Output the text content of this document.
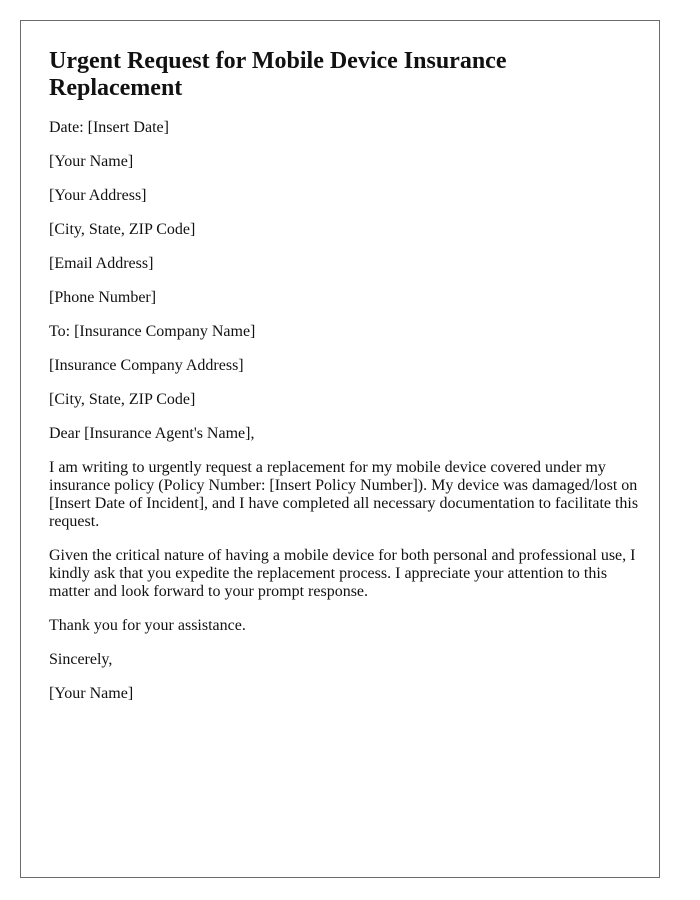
Urgent Request for Mobile Device Insurance Replacement

Date: [Insert Date]

[Your Name]

[Your Address]

[City, State, ZIP Code]

[Email Address]

[Phone Number]

To: [Insurance Company Name]

[Insurance Company Address]

[City, State, ZIP Code]

Dear [Insurance Agent's Name],

I am writing to urgently request a replacement for my mobile device covered under my insurance policy (Policy Number: [Insert Policy Number]). My device was damaged/lost on [Insert Date of Incident], and I have completed all necessary documentation to facilitate this request.

Given the critical nature of having a mobile device for both personal and professional use, I kindly ask that you expedite the replacement process. I appreciate your attention to this matter and look forward to your prompt response.

Thank you for your assistance.

Sincerely,

[Your Name]
